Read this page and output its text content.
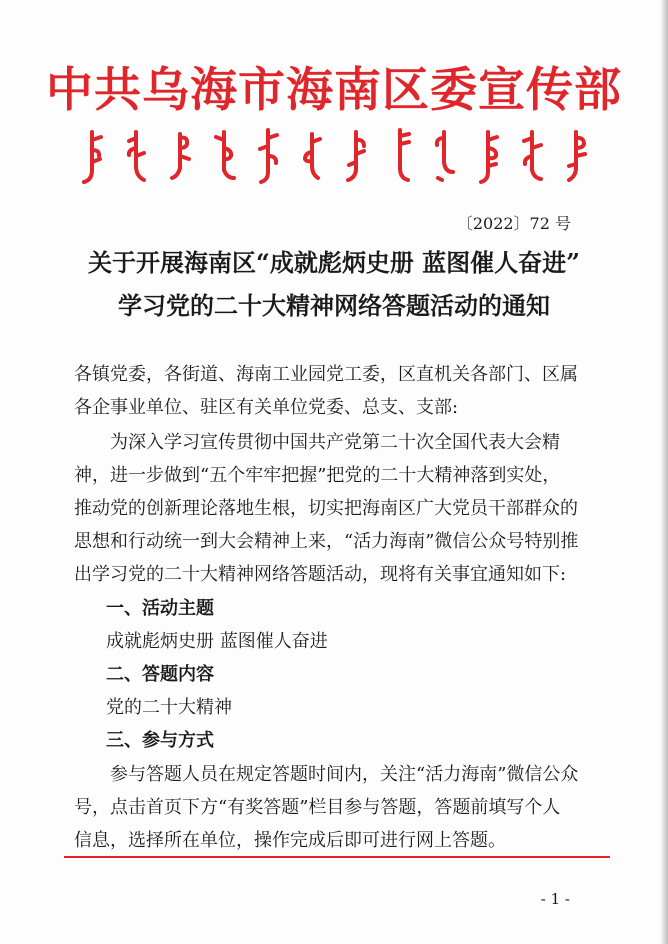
中共乌海市海南区委宣传部
〔2022〕72 号
关于开展海南区“成就彪炳史册 蓝图催人奋进”
学习党的二十大精神网络答题活动的通知
各镇党委，各街道、海南工业园党工委，区直机关各部门、区属
各企事业单位、驻区有关单位党委、总支、支部:
为深入学习宣传贯彻中国共产党第二十次全国代表大会精
神，进一步做到“五个牢牢把握”把党的二十大精神落到实处，
推动党的创新理论落地生根，切实把海南区广大党员干部群众的
思想和行动统一到大会精神上来，“活力海南”微信公众号特别推
出学习党的二十大精神网络答题活动，现将有关事宜通知如下:
一、活动主题
成就彪炳史册 蓝图催人奋进
二、答题内容
党的二十大精神
三、参与方式
参与答题人员在规定答题时间内，关注“活力海南”微信公众
号，点击首页下方“有奖答题”栏目参与答题，答题前填写个人
信息，选择所在单位，操作完成后即可进行网上答题。
- 1 -
